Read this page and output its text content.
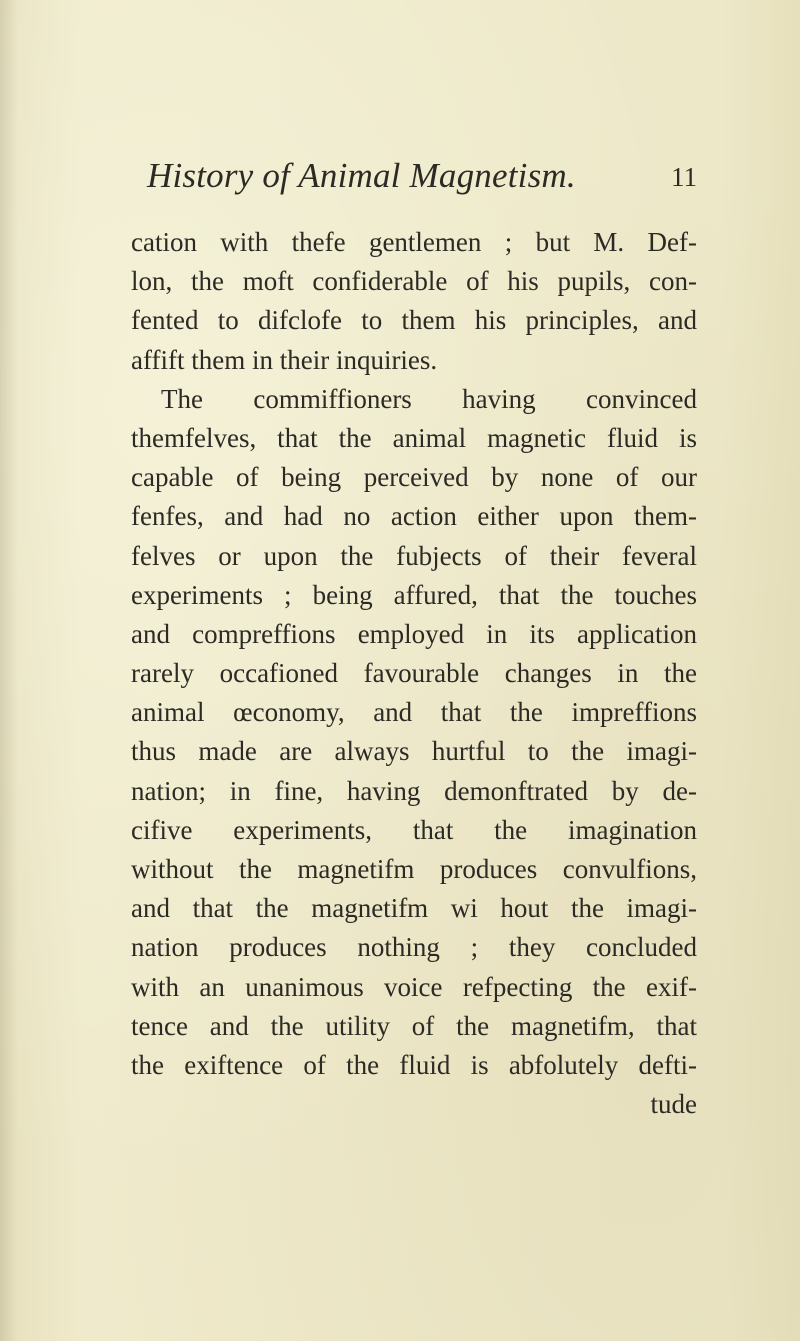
History of Animal Magnetism.	11
cation with thefe gentlemen ; but M. Def-
lon, the moft confiderable of his pupils, con-
fented to difclofe to them his principles, and
affift them in their inquiries.
The commiffioners having convinced
themfelves, that the animal magnetic fluid is
capable of being perceived by none of our
fenfes, and had no action either upon them-
felves or upon the fubjects of their feveral
experiments ; being affured, that the touches
and compreffions employed in its application
rarely occafioned favourable changes in the
animal œconomy, and that the impreffions
thus made are always hurtful to the imagi-
nation; in fine, having demonftrated by de-
cifive experiments, that the imagination
without the magnetifm produces convulfions,
and that the magnetifm wi hout the imagi-
nation produces nothing ; they concluded
with an unanimous voice refpecting the exif-
tence and the utility of the magnetifm, that
the exiftence of the fluid is abfolutely defti-
tude
